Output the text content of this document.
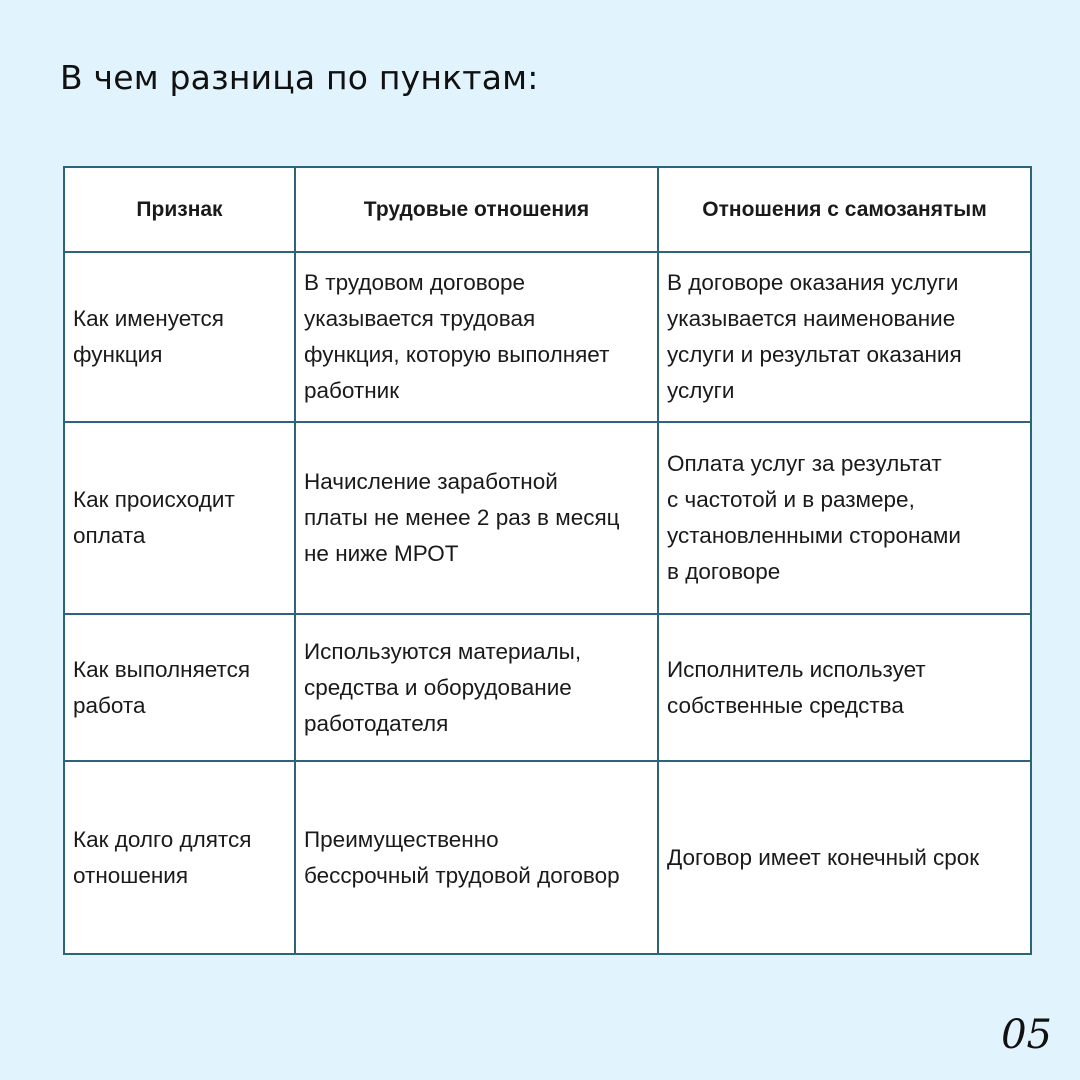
В чем разница по пунктам:
Признак	Трудовые отношения	Отношения с самозанятым

Как именуется
функция	В трудовом договоре
указывается трудовая
функция, которую выполняет
работник	В договоре оказания услуги
указывается наименование
услуги и результат оказания
услуги

Как происходит
оплата	Начисление заработной
платы не менее 2 раз в месяц
не ниже МРОТ	Оплата услуг за результат
с частотой и в размере,
установленными сторонами
в договоре

Как выполняется
работа	Используются материалы,
средства и оборудование
работодателя	Исполнитель использует
собственные средства

Как долго длятся
отношения	Преимущественно
бессрочный трудовой договор	Договор имеет конечный срок
05
